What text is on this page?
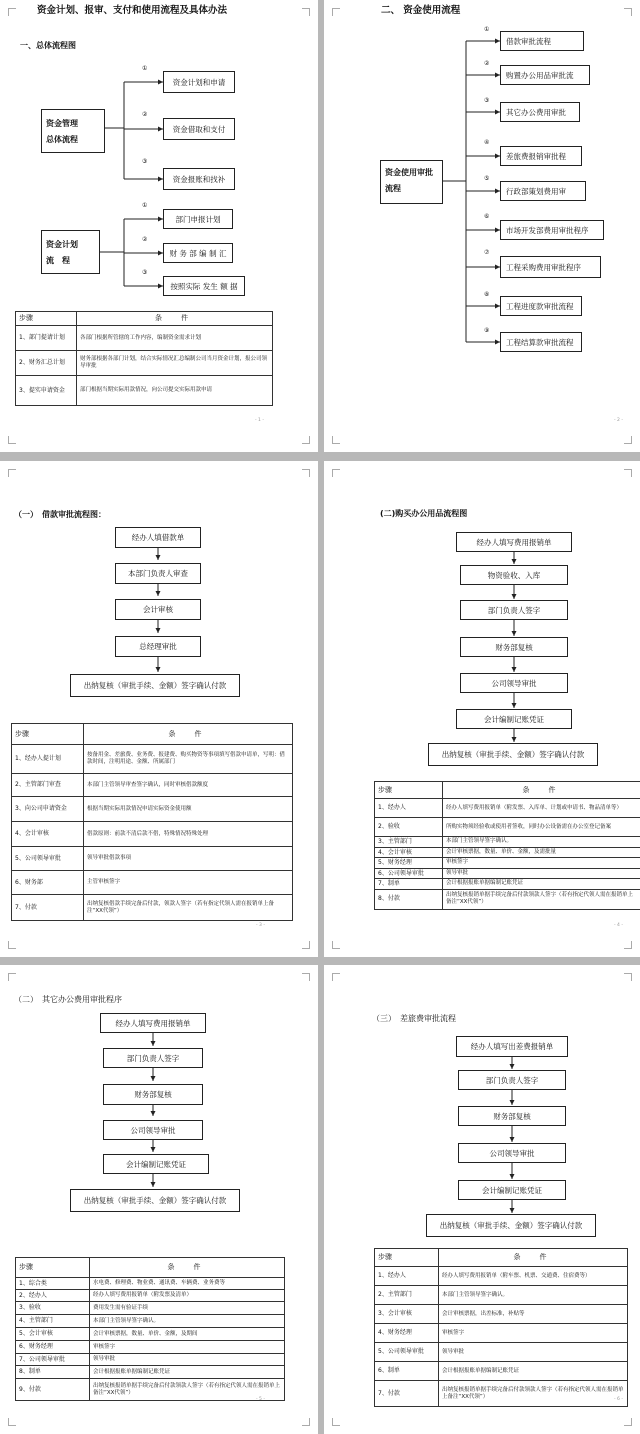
资金计划、报审、支付和使用流程及具体办法
一、总体流程图
资金管理
总体流程
①
②
③
资金计划和申请
资金借取和支付
资金报账和找补
资金计划
流　程
①
②
③
部门申报计划
财 务 部 编 制 汇
按照实际 发生 额 据
步骤	条　件
1、部门提请计划	各部门根据所管辖的工作内容，编制资金需求计划
2、财务汇总计划	财务部根据各部门计划，结合实际情况汇总编制公司当月资金计划，报公司领导审批
3、提实申请资金	部门根据当期实际用款情况，向公司提交实际用款申请
- 1 -
二、 资金使用流程
资金使用审批
流程
①
②
③
④
⑤
⑥
⑦
⑧
⑨
借款审批流程
购置办公用品审批流
其它办公费用审批
差旅费报销审批程
行政部策划费用审
市场开发部费用审批程序
工程采购费用审批程序
工程进度款审批流程
工程结算款审批流程
- 2 -
（一）　借款审批流程图：
经办人填借款单
本部门负责人审查
会计审核
总经理审批
出纳复核（审批手续、金额）签字确认付款
步骤	条　件
1、经办人提计划	按备用金、差旅费、业务费、报建费、购买物资等事项填写借款申请单，写明：借款时间，注明用途、金额、所属部门
2、主管部门审查	本部门主管领导审查签字确认，同时审核借款额度
3、向公司申请资金	根据当期实际用款情况申请实际资金使用额
4、会计审核	借款原则：前款不清后款不借，特殊情况特殊处理
5、公司领导审批	领导审批借款事项
6、财务部	主管审核签字
7、付款	出纳复核借款手续完备后付款，领款人签字（若有指定代领人需在报销单上备注“XX代领”）
- 3 -
(二)购买办公用品流程图
经办人填写费用报销单
物资验收、入库
部门负责人签字
财务部复核
公司领导审批
会计编制记账凭证
出纳复核（审批手续、金额）签字确认付款
步骤	条　件
1、经办人	经办人填写费用报销单（附发票、入库单、计划或申请书、物品清单等）
2、验收	所购实物须经验收或使用者签收，同时办公设备需在办公室登记备案
3、主管部门	本部门主管领导签字确认。
4、会计审核	会计审核票据，数量、单价、金额，及需批量
5、财务经理	审核签字
6、公司领导审批	领导审批
7、制单	会计根据报账单据编制记账凭证
8、付款	出纳复核报销单据手续完备后付款领款人签字（若有指定代领人需在报销单上备注“XX代领”）
- 4 -
（二）　其它办公费用审批程序
经办人填写费用报销单
部门负责人签字
财务部复核
公司领导审批
会计编制记账凭证
出纳复核（审批手续、金额）签字确认付款
步骤	条　件
1、综合类	水电费、修理费、物业费、通讯费、车辆费、业务费等
2、经办人	经办人填写费用报销单（附发票及清单）
3、验收	费用发生需有验证手续
4、主管部门	本部门主管领导签字确认。
5、会计审核	会计审核票据，数量、单价、金额，及期间
6、财务经理	审核签字
7、公司领导审批	领导审批
8、制单	会计根据报账单据编制记账凭证
9、付款	出纳复核报销单据手续完备后付款领款人签字（若有指定代领人需在报销单上备注“XX代领”）
- 5 -
（三）　差旅费审批流程
经办人填写出差费报销单
部门负责人签字
财务部复核
公司领导审批
会计编制记账凭证
出纳复核（审批手续、金额）签字确认付款
步骤	条　件
1、经办人	经办人填写费用报销单（附车票、机票、交通费、住宿费等）
2、主管部门	本部门主管领导签字确认。
3、会计审核	会计审核票据，出差标准，补贴等
4、财务经理	审核签字
5、公司领导审批	领导审批
6、制单	会计根据报账单据编制记账凭证
7、付款	出纳复核报销单据手续完备后付款领款人签字（若有指定代领人需在报销单上备注“XX代领”）	- 6 -
